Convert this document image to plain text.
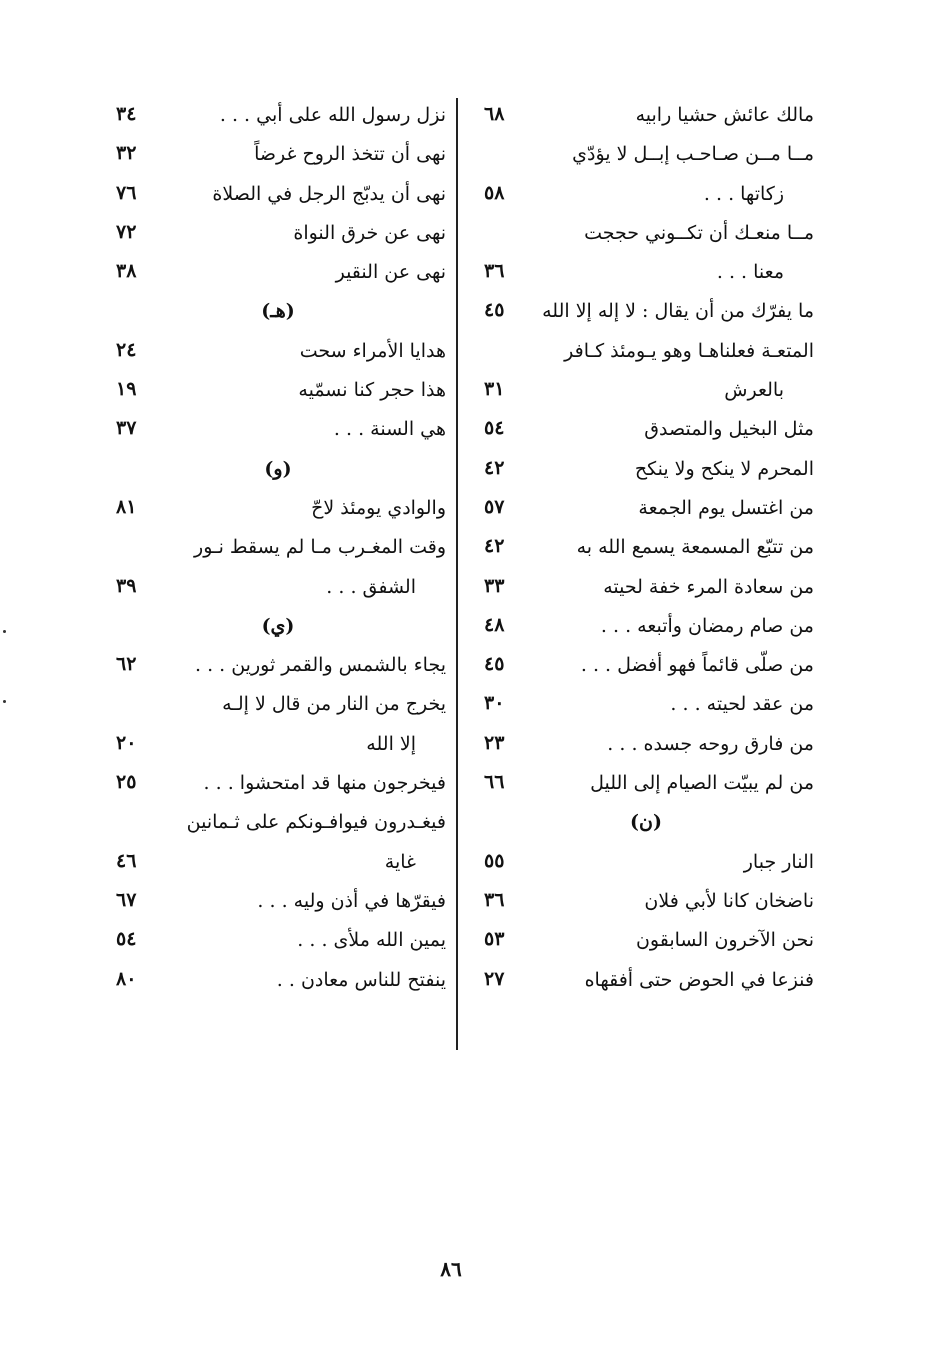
مالك عائش حشيا رابيه
٦٨
مــا مــن صـاحـب إبــل لا يؤدّي
زكاتها . . .
٥٨
مــا منعـك أن تكــوني حججت
معنا . . .
٣٦
ما يفرّك من أن يقال : لا إله إلا الله
٤٥
المتعـة فعلناهـا وهو يـومئذ كـافر
بالعرش
٣١
مثل البخيل والمتصدق
٥٤
المحرم لا ينكح ولا ينكح
٤٢
من اغتسل يوم الجمعة
٥٧
من تتبّع المسمعة يسمع الله به
٤٢
من سعادة المرء خفة لحيته
٣٣
من صام رمضان وأتبعه . . .
٤٨
من صلّى قائماً فهو أفضل . . .
٤٥
من عقد لحيته . . .
٣٠
من فارق روحه جسده . . .
٢٣
من لم يبيّت الصيام إلى الليل
٦٦
(ن)
النار جبار
٥٥
ناضخان كانا لأبي فلان
٣٦
نحن الآخرون السابقون
٥٣
فنزعا في الحوض حتى أفقهاه
٢٧
نزل رسول الله على أبي . . .
٣٤
نهى أن تتخذ الروح غرضاً
٣٢
نهى أن يدبّج الرجل في الصلاة
٧٦
نهى عن خرق النواة
٧٢
نهى عن النقير
٣٨
(هـ)
هدايا الأمراء سحت
٢٤
هذا حجر كنا نسمّيه
١٩
هي السنة . . .
٣٧
(و)
والوادي يومئذ لاحّ
٨١
وقت المغـرب مـا لم يسقط نـور
الشفق . . .
٣٩
(ي)
يجاء بالشمس والقمر ثورين . . .
٦٢
يخرج من النار من قال لا إلـه
إلا الله
٢٠
فيخرجون منها قد امتحشوا . . .
٢٥
فيغـدرون فيوافـونكم على ثـمانين
غاية
٤٦
فيقرّها في أذن وليه . . .
٦٧
يمين الله ملأى . . .
٥٤
ينفتح للناس معادن . .
٨٠
٨٦
